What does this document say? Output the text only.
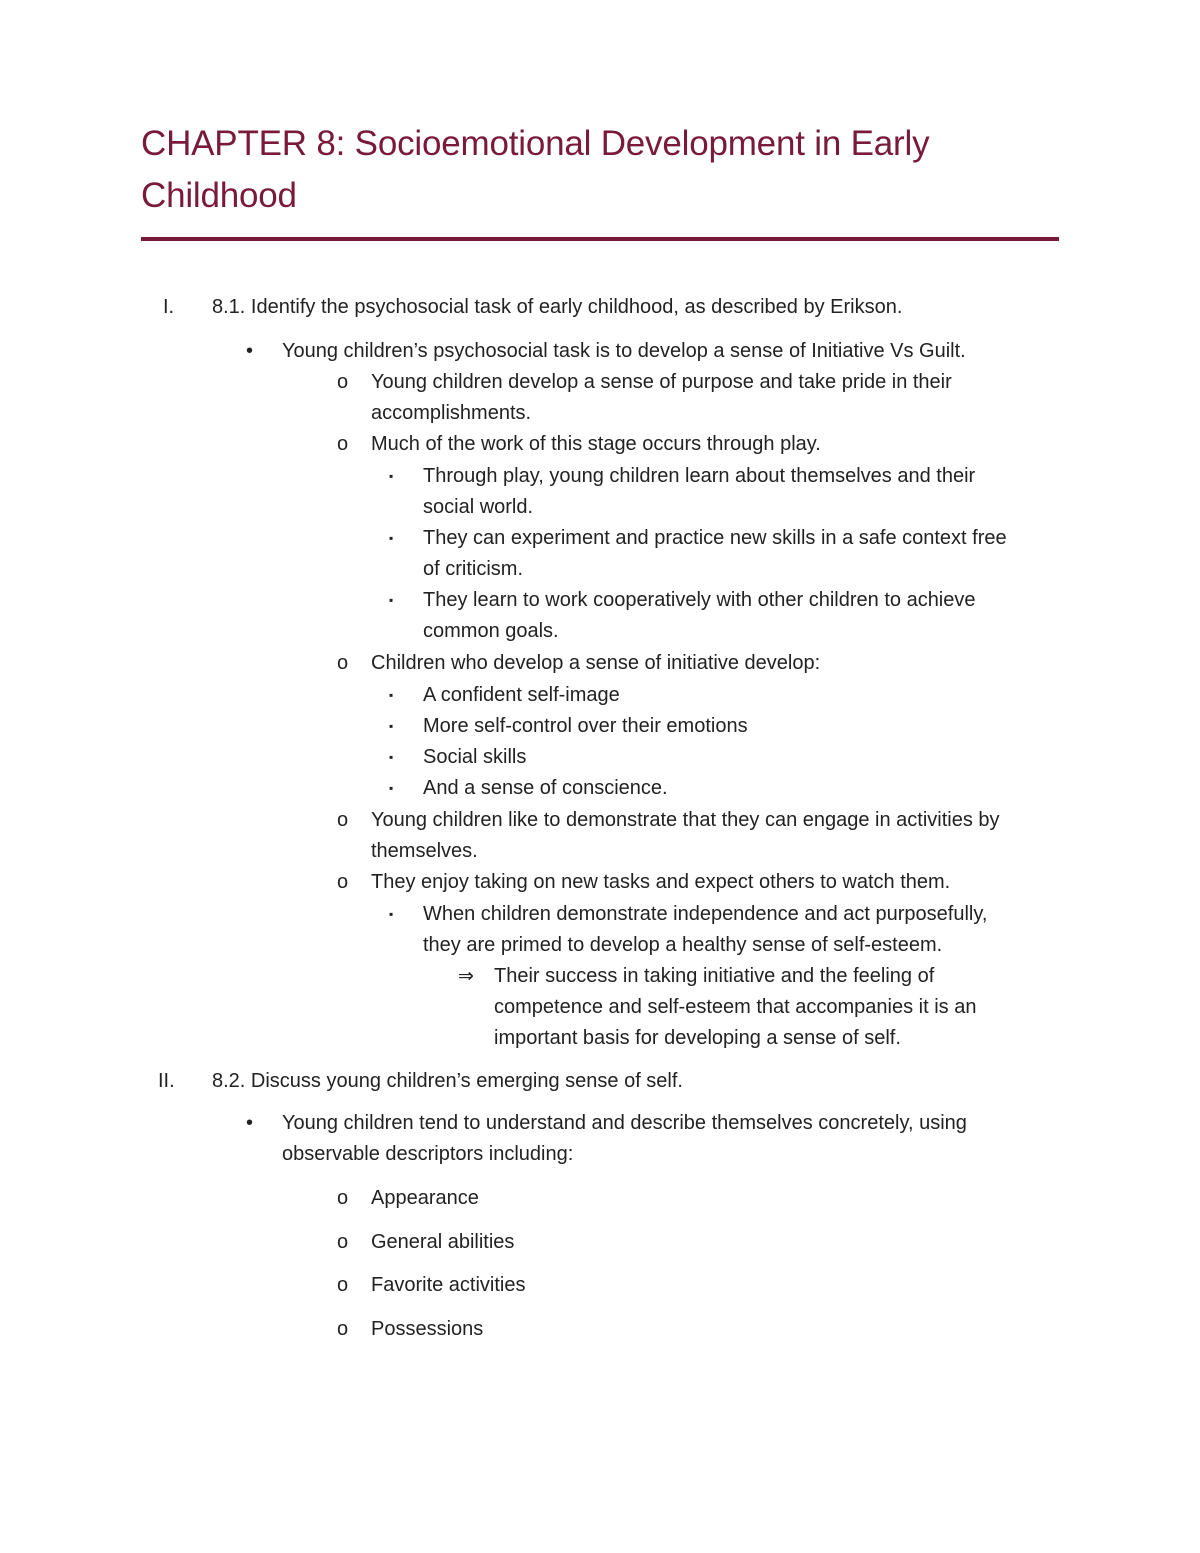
CHAPTER 8: Socioemotional Development in Early
Childhood
I. 8.1. Identify the psychosocial task of early childhood, as described by Erikson.
• Young children’s psychosocial task is to develop a sense of Initiative Vs Guilt.
o Young children develop a sense of purpose and take pride in their
accomplishments.
o Much of the work of this stage occurs through play.
▪ Through play, young children learn about themselves and their
social world.
▪ They can experiment and practice new skills in a safe context free
of criticism.
▪ They learn to work cooperatively with other children to achieve
common goals.
o Children who develop a sense of initiative develop:
▪ A confident self-image
▪ More self-control over their emotions
▪ Social skills
▪ And a sense of conscience.
o Young children like to demonstrate that they can engage in activities by
themselves.
o They enjoy taking on new tasks and expect others to watch them.
▪ When children demonstrate independence and act purposefully,
they are primed to develop a healthy sense of self-esteem.
⇒ Their success in taking initiative and the feeling of
competence and self-esteem that accompanies it is an
important basis for developing a sense of self.
II. 8.2. Discuss young children’s emerging sense of self.
• Young children tend to understand and describe themselves concretely, using
observable descriptors including:
o Appearance
o General abilities
o Favorite activities
o Possessions
